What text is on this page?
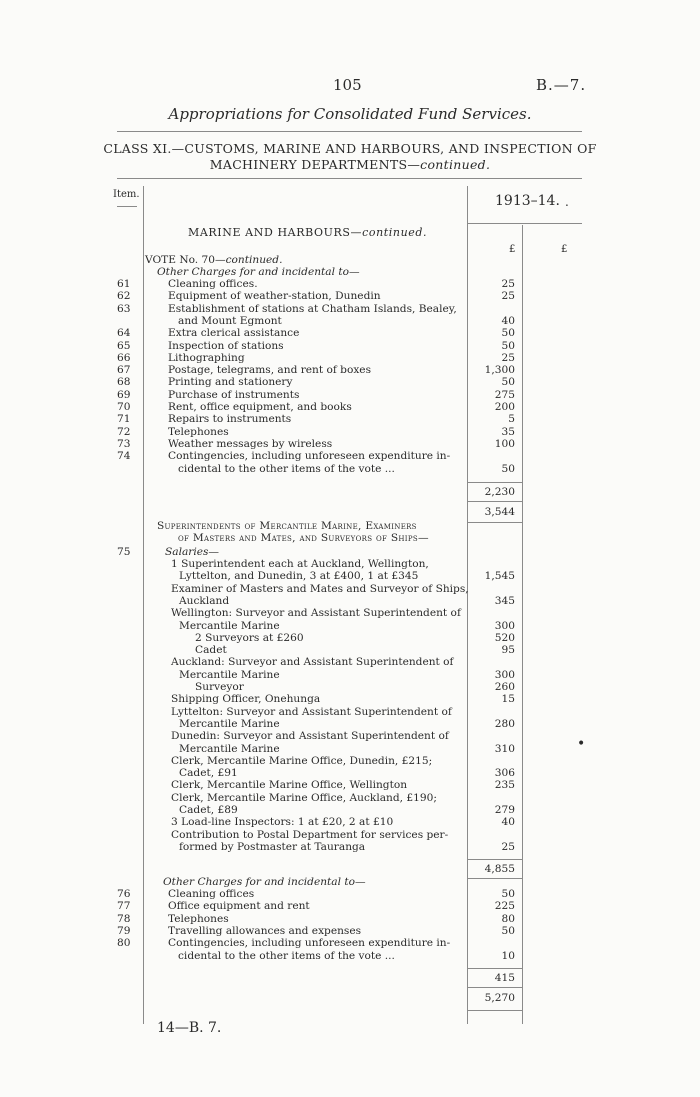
105	B.—7.
Appropriations for Consolidated Fund Services.
CLASS XI.—CUSTOMS, MARINE AND HARBOURS, AND INSPECTION OF
MACHINERY DEPARTMENTS—continued.
Item.	1913–14. .
MARINE AND HARBOURS—continued.
£	£
VOTE No. 70—continued.
Other Charges for and incidental to—
61	Cleaning offices.	25
62	Equipment of weather-station, Dunedin	25
63	Establishment of stations at Chatham Islands, Bealey,
and Mount Egmont	40
64	Extra clerical assistance	50
65	Inspection of stations	50
66	Lithographing	25
67	Postage, telegrams, and rent of boxes	1,300
68	Printing and stationery	50
69	Purchase of instruments	275
70	Rent, office equipment, and books	200
71	Repairs to instruments	5
72	Telephones	35
73	Weather messages by wireless	100
74	Contingencies, including unforeseen expenditure in-
cidental to the other items of the vote ...	50
2,230
3,544
Superintendents of Mercantile Marine, Examiners
of Masters and Mates, and Surveyors of Ships—
75	Salaries—
1 Superintendent each at Auckland, Wellington,
Lyttelton, and Dunedin, 3 at £400, 1 at £345	1,545
Examiner of Masters and Mates and Surveyor of Ships,
Auckland	345
Wellington: Surveyor and Assistant Superintendent of
Mercantile Marine	300
2 Surveyors at £260	520
Cadet	95
Auckland: Surveyor and Assistant Superintendent of
Mercantile Marine	300
Surveyor	260
Shipping Officer, Onehunga	15
Lyttelton: Surveyor and Assistant Superintendent of
Mercantile Marine	280
Dunedin: Surveyor and Assistant Superintendent of
Mercantile Marine	310
Clerk, Mercantile Marine Office, Dunedin, £215;
Cadet, £91	306
Clerk, Mercantile Marine Office, Wellington	235
Clerk, Mercantile Marine Office, Auckland, £190;
Cadet, £89	279
3 Load-line Inspectors: 1 at £20, 2 at £10	40
Contribution to Postal Department for services per-
formed by Postmaster at Tauranga	25
4,855
Other Charges for and incidental to—
76	Cleaning offices	50
77	Office equipment and rent	225
78	Telephones	80
79	Travelling allowances and expenses	50
80	Contingencies, including unforeseen expenditure in-
cidental to the other items of the vote ...	10
415
5,270
14—B. 7.
•
